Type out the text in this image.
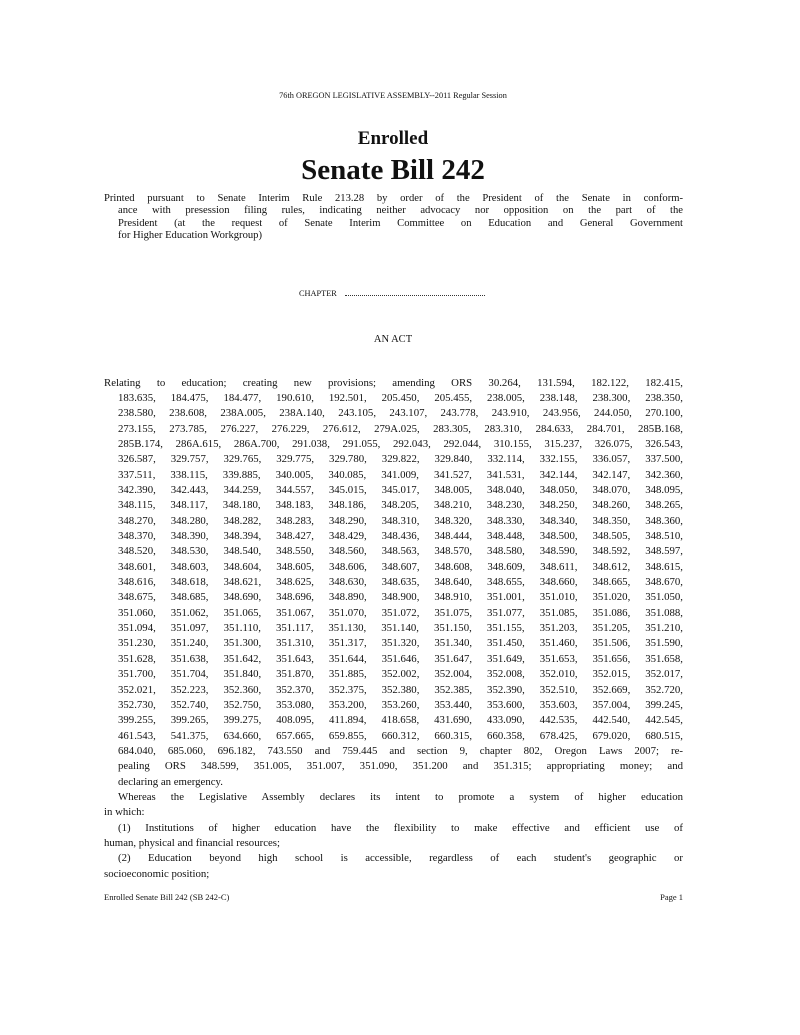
76th OREGON LEGISLATIVE ASSEMBLY--2011 Regular Session
Enrolled
Senate Bill 242
Printed pursuant to Senate Interim Rule 213.28 by order of the President of the Senate in conform-
ance with presession filing rules, indicating neither advocacy nor opposition on the part of the
President (at the request of Senate Interim Committee on Education and General Government
for Higher Education Workgroup)
CHAPTER
AN ACT
Relating to education; creating new provisions; amending ORS 30.264, 131.594, 182.122, 182.415,
183.635, 184.475, 184.477, 190.610, 192.501, 205.450, 205.455, 238.005, 238.148, 238.300, 238.350,
238.580, 238.608, 238A.005, 238A.140, 243.105, 243.107, 243.778, 243.910, 243.956, 244.050, 270.100,
273.155, 273.785, 276.227, 276.229, 276.612, 279A.025, 283.305, 283.310, 284.633, 284.701, 285B.168,
285B.174, 286A.615, 286A.700, 291.038, 291.055, 292.043, 292.044, 310.155, 315.237, 326.075, 326.543,
326.587, 329.757, 329.765, 329.775, 329.780, 329.822, 329.840, 332.114, 332.155, 336.057, 337.500,
337.511, 338.115, 339.885, 340.005, 340.085, 341.009, 341.527, 341.531, 342.144, 342.147, 342.360,
342.390, 342.443, 344.259, 344.557, 345.015, 345.017, 348.005, 348.040, 348.050, 348.070, 348.095,
348.115, 348.117, 348.180, 348.183, 348.186, 348.205, 348.210, 348.230, 348.250, 348.260, 348.265,
348.270, 348.280, 348.282, 348.283, 348.290, 348.310, 348.320, 348.330, 348.340, 348.350, 348.360,
348.370, 348.390, 348.394, 348.427, 348.429, 348.436, 348.444, 348.448, 348.500, 348.505, 348.510,
348.520, 348.530, 348.540, 348.550, 348.560, 348.563, 348.570, 348.580, 348.590, 348.592, 348.597,
348.601, 348.603, 348.604, 348.605, 348.606, 348.607, 348.608, 348.609, 348.611, 348.612, 348.615,
348.616, 348.618, 348.621, 348.625, 348.630, 348.635, 348.640, 348.655, 348.660, 348.665, 348.670,
348.675, 348.685, 348.690, 348.696, 348.890, 348.900, 348.910, 351.001, 351.010, 351.020, 351.050,
351.060, 351.062, 351.065, 351.067, 351.070, 351.072, 351.075, 351.077, 351.085, 351.086, 351.088,
351.094, 351.097, 351.110, 351.117, 351.130, 351.140, 351.150, 351.155, 351.203, 351.205, 351.210,
351.230, 351.240, 351.300, 351.310, 351.317, 351.320, 351.340, 351.450, 351.460, 351.506, 351.590,
351.628, 351.638, 351.642, 351.643, 351.644, 351.646, 351.647, 351.649, 351.653, 351.656, 351.658,
351.700, 351.704, 351.840, 351.870, 351.885, 352.002, 352.004, 352.008, 352.010, 352.015, 352.017,
352.021, 352.223, 352.360, 352.370, 352.375, 352.380, 352.385, 352.390, 352.510, 352.669, 352.720,
352.730, 352.740, 352.750, 353.080, 353.200, 353.260, 353.440, 353.600, 353.603, 357.004, 399.245,
399.255, 399.265, 399.275, 408.095, 411.894, 418.658, 431.690, 433.090, 442.535, 442.540, 442.545,
461.543, 541.375, 634.660, 657.665, 659.855, 660.312, 660.315, 660.358, 678.425, 679.020, 680.515,
684.040, 685.060, 696.182, 743.550 and 759.445 and section 9, chapter 802, Oregon Laws 2007; re-
pealing ORS 348.599, 351.005, 351.007, 351.090, 351.200 and 351.315; appropriating money; and
declaring an emergency.
Whereas the Legislative Assembly declares its intent to promote a system of higher education
in which:
(1) Institutions of higher education have the flexibility to make effective and efficient use of
human, physical and financial resources;
(2) Education beyond high school is accessible, regardless of each student's geographic or
socioeconomic position;
Enrolled Senate Bill 242 (SB 242-C)	Page 1
